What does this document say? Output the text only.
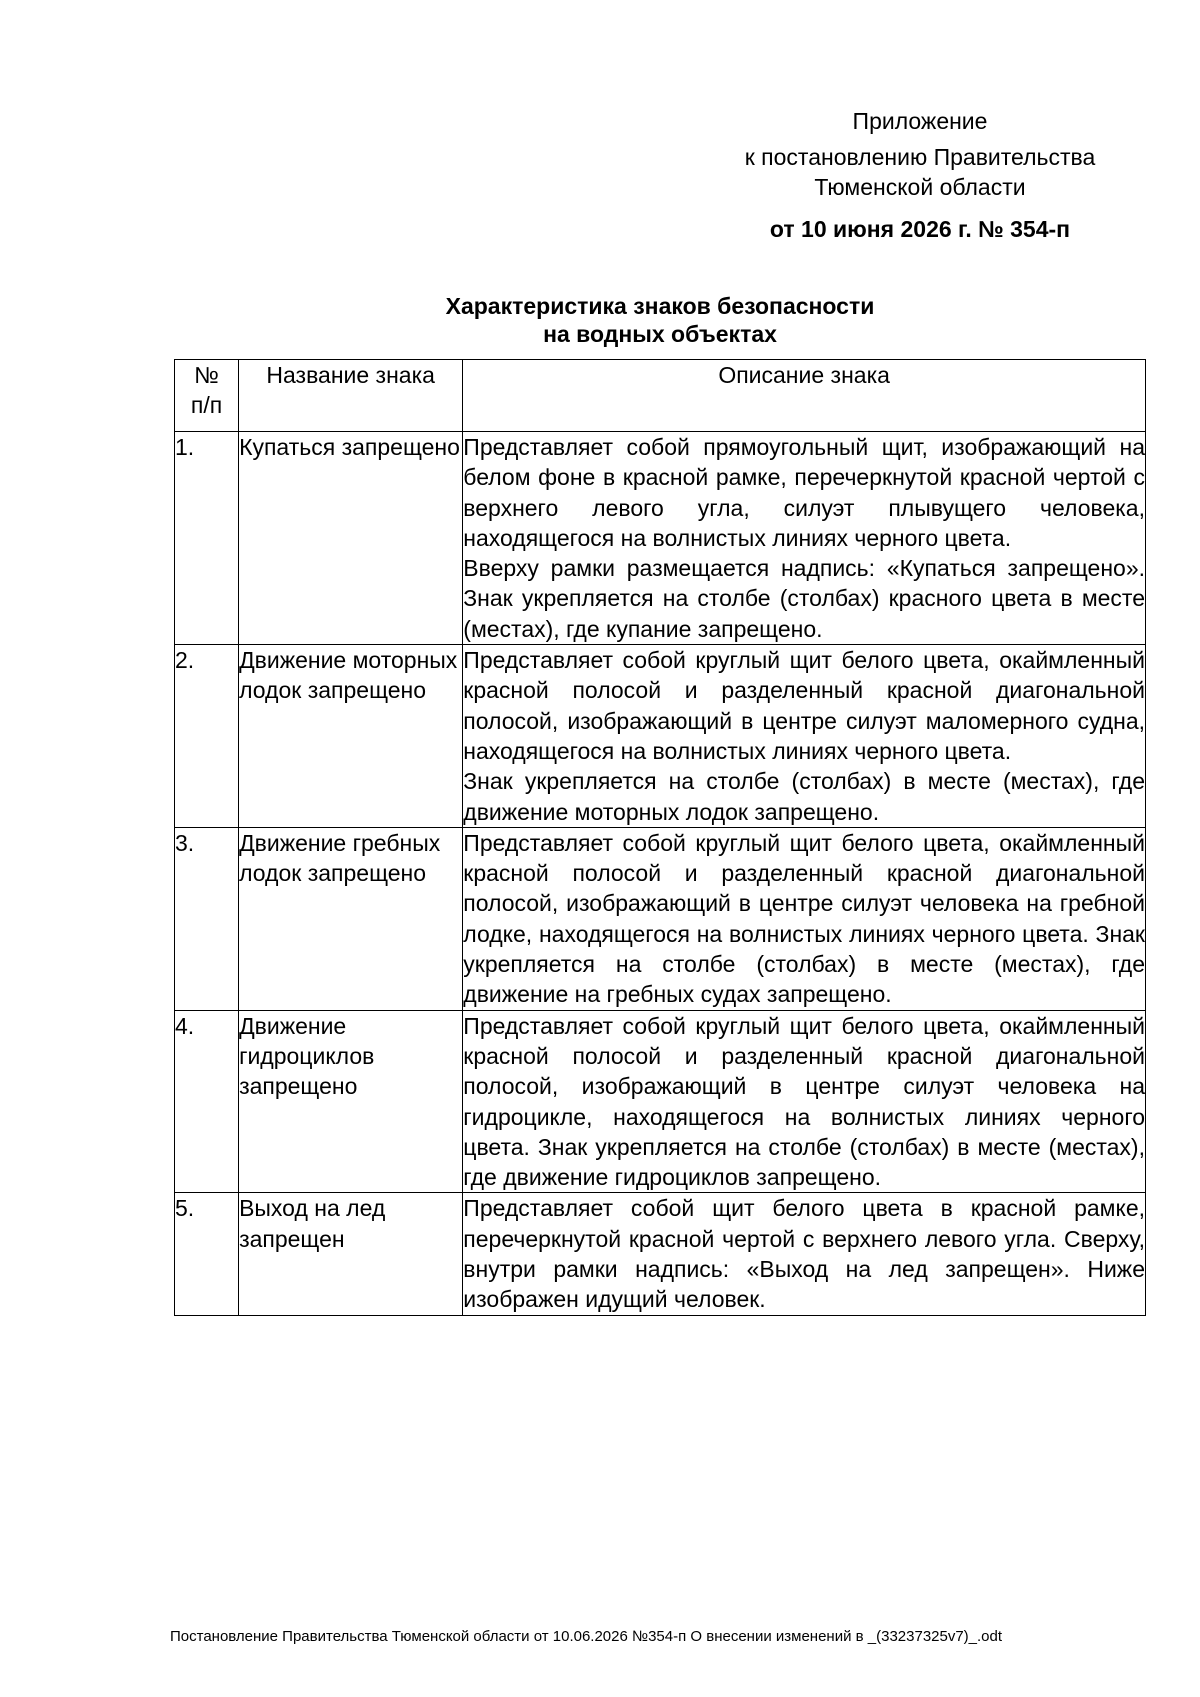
Приложение
к постановлению Правительства
Тюменской области
от 10 июня 2026 г. № 354-п
Характеристика знаков безопасности
на водных объектах
№
п/п	Название знака	Описание знака
1.	Купаться запрещено	Представляет собой прямоугольный щит, изображающий на белом фоне в красной рамке, перечеркнутой красной чертой с верхнего левого угла, силуэт плывущего человека, находящегося на волнистых линиях черного цвета.

Вверху рамки размещается надпись: «Купаться запрещено». Знак укрепляется на столбе (столбах) красного цвета в месте (местах), где купание запрещено.

2.	Движение моторных лодок запрещено	Представляет собой круглый щит белого цвета, окаймленный красной полосой и разделенный красной диагональной полосой, изображающий в центре силуэт маломерного судна, находящегося на волнистых линиях черного цвета.

Знак укрепляется на столбе (столбах) в месте (местах), где движение моторных лодок запрещено.

3.	Движение гребных лодок запрещено	Представляет собой круглый щит белого цвета, окаймленный красной полосой и разделенный красной диагональной полосой, изображающий в центре силуэт человека на гребной лодке, находящегося на волнистых линиях черного цвета. Знак укрепляется на столбе (столбах) в месте (местах), где движение на гребных судах запрещено.

4.	Движение гидроциклов запрещено	Представляет собой круглый щит белого цвета, окаймленный красной полосой и разделенный красной диагональной полосой, изображающий в центре силуэт человека на гидроцикле, находящегося на волнистых линиях черного цвета. Знак укрепляется на столбе (столбах) в месте (местах), где движение гидроциклов запрещено.

5.	Выход на лед запрещен	Представляет собой щит белого цвета в красной рамке, перечеркнутой красной чертой с верхнего левого угла. Сверху, внутри рамки надпись: «Выход на лед запрещен». Ниже изображен идущий человек.

Постановление Правительства Тюменской области от 10.06.2026 №354-п О внесении изменений в _(33237325v7)_.odt
